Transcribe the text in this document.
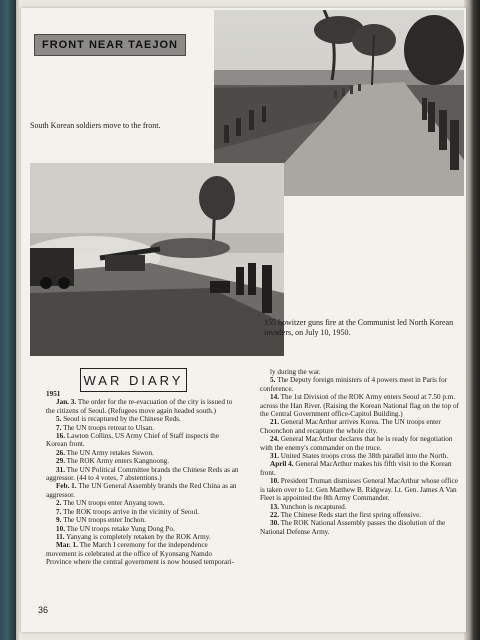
FRONT NEAR TAEJON
South Korean soldiers move to the front.
155 howitzer guns fire at the Communist led North Korean invaders, on July 10, 1950.
WAR DIARY

1951

Jan. 3. The order for the re-evacuation of the city is issued to the citizens of Seoul. (Refugees move again headed south.)

5. Seoul is recaptured by the Chinese Reds.

7. The UN troops retreat to Ulsan.

16. Lawton Collins, US Army Chief of Staff inspects the Korean front.

26. The UN Army retakes Suwon.

29. The ROK Army enters Kangnoong.

31. The UN Political Committee brands the Chinese Reds as an aggressor. (44 to 4 votes, 7 abstentions.)

Feb. 1. The UN General Assembly brands the Red China as an aggressor.

2. The UN troops enter Anyang town.

7. The ROK troops arrive in the vicinity of Seoul.

9. The UN troops enter Inchon.

10. The UN troops retake Yung Dong Po.

11. Yanyang is completely retaken by the ROK Army.

Mar. 1. The March I ceremony for the independence movement is celebrated at the office of Kyonsang Namdo Province where the central government is now housed temporari-

ly during the war.

5. The Deputy foreign ministers of 4 powers meet in Paris for conference.

14. The 1st Division of the ROK Army enters Seoul at 7.50 p.m. across the Han River. (Raising the Korean National flag on the top of the Central Government office-Capitol Building.)

21. General MacArthur arrives Korea. The UN troops enter Choonchon and recapture the whole city.

24. General MacArthur declares that he is ready for negotiation with the enemy's commander on the truce.

31. United States troops cross the 38th parallel into the North.

April 4. General MacArthur makes his fifth visit to the Korean front.

10. President Truman dismisses General MacArthur whose office is taken over to Lt. Gen Matthew B. Ridgway. Lt. Gen. James A Van Fleet is appointed the 8th Army Commander.

13. Yunchon is recaptured.

22. The Chinese Reds start the first spring offensive.

30. The ROK National Assembly passes the disolution of the National Defense Army.

36
